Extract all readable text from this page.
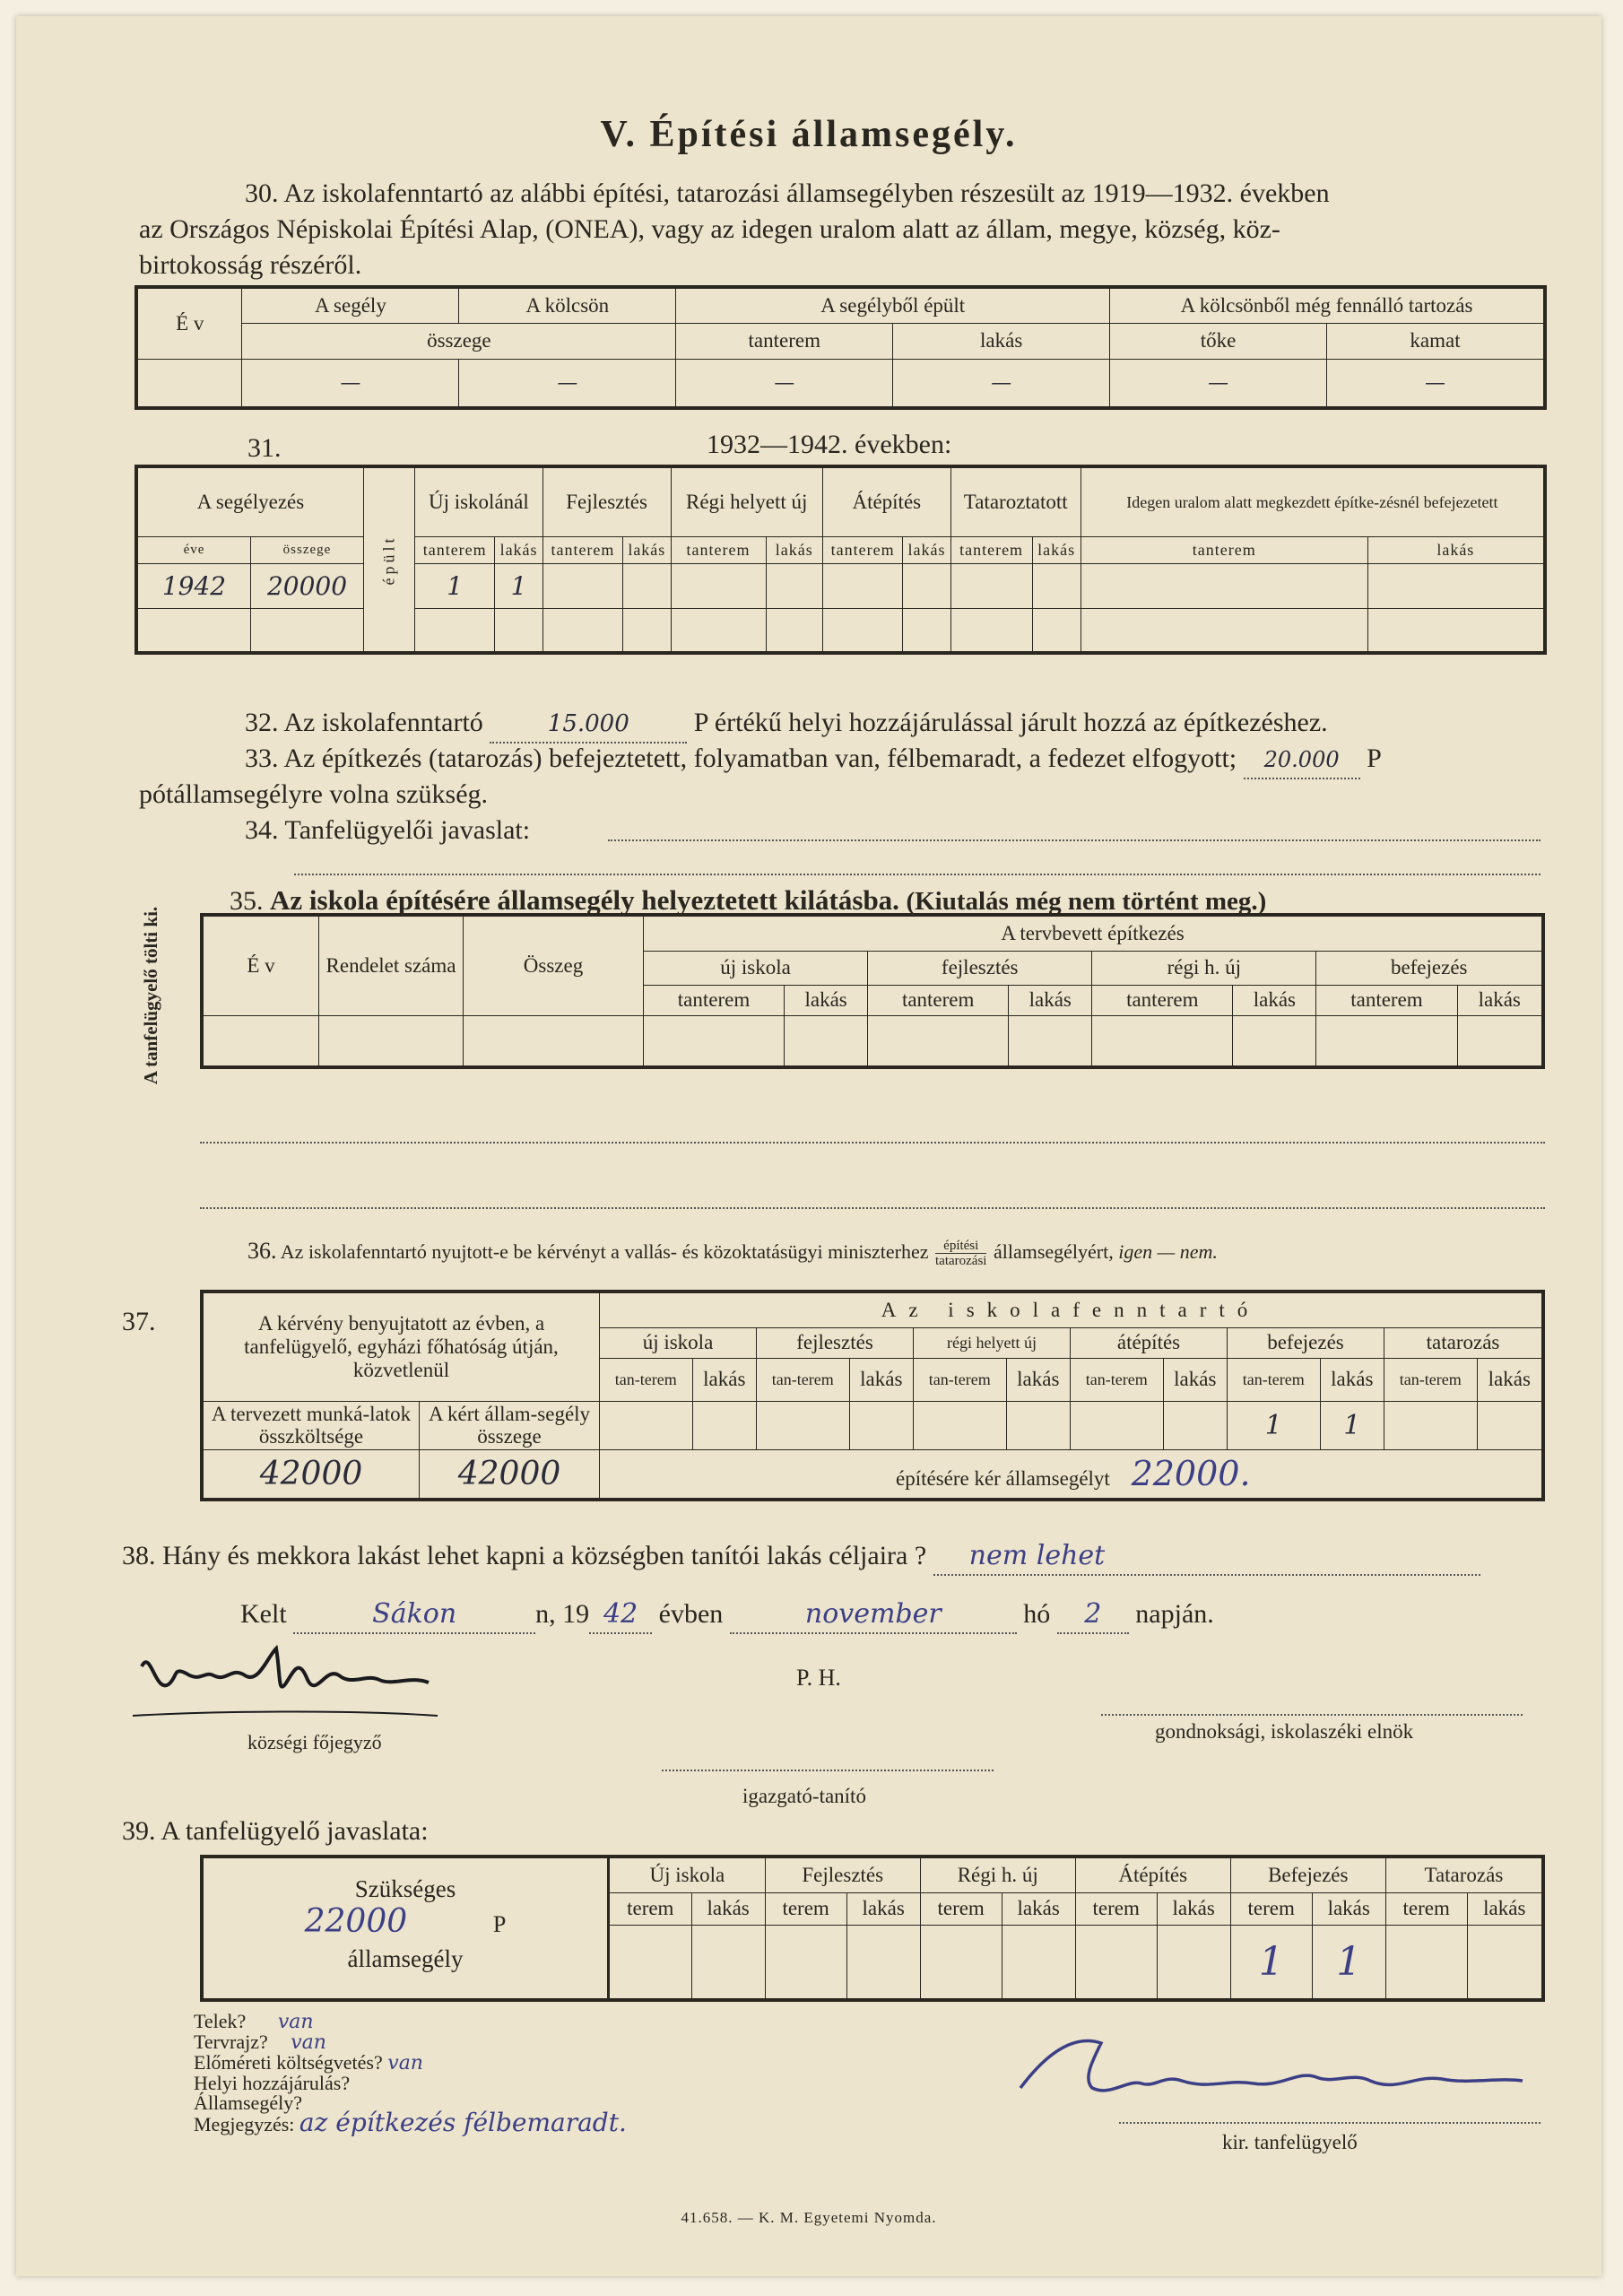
V. Építési államsegély.
30. Az iskolafenntartó az alábbi építési, tatarozási államsegélyben részesült az 1919—1932. években
az Országos Népiskolai Építési Alap, (ONEA), vagy az idegen uralom alatt az állam, megye, község, köz-
birtokosság részéről.
É v	A segély	A kölcsön	A segélyből épült		A kölcsönből még fennálló tartozás	
	összege		tanterem	lakás	tőke	kamat
	—	—	—	—	—	—
31.	1932—1942. években:
A segélyezés		épült	Új iskolánál		Fejlesztés		Régi helyett új		Átépítés		Tataroztatott		Idegen uralom alatt megkezdett építke-zésnél befejezetett	
éve	összege		tanterem	lakás	tanterem	lakás	tanterem	lakás	tanterem	lakás	tanterem	lakás	tanterem	lakás
1942	20000		1	1										

32. Az iskolafenntartó	15.000 P értékű helyi hozzájárulással járult hozzá az építkezéshez.
33. Az építkezés (tatarozás) befejeztetett, folyamatban van, félbemaradt, a fedezet elfogyott; 20.000 P
pótállamsegélyre volna szükség.
34. Tanfelügyelői javaslat:
35. Az iskola építésére államsegély helyeztetett kilátásba. (Kiutalás még nem történt meg.)
A tanfelügyelő tölti ki.	É v	Rendelet száma	Összeg	A tervbevett építkezés							
			új iskola		fejlesztés		régi h. új		befejezés	
			tanterem	lakás	tanterem	lakás	tanterem	lakás	tanterem	lakás

36. Az iskolafenntartó nyujtott-e be kérvényt a vallás- és közoktatásügyi miniszterhez	építési
tatarozási államsegélyért, igen — nem.
37.	A kérvény benyujtatott az évben, a tanfelügyelő, egyházi főhatóság útján, közvetlenül		Az iskolafenntartó											
		új iskola		fejlesztés		régi helyett új		átépítés		befejezés		tatarozás	
		tan-terem	lakás	tan-terem	lakás	tan-terem	lakás	tan-terem	lakás	tan-terem	lakás	tan-terem	lakás
A tervezett munká-latok összköltsége	A kért állam-segély összege									1	1		
42000	42000	építésére kér államsegélyt 22000.											
38. Hány és mekkora lakást lehet kapni a községben tanítói lakás céljaira ? nem lehet
Kelt	Sákon	n, 19 42 évben	november	hó 2 napján.
községi főjegyző
P. H.
gondnoksági, iskolaszéki elnök
igazgató-tanító
39. A tanfelügyelő javaslata:
Szükséges
22000 P
államsegély	Új iskola		Fejlesztés		Régi h. új		Átépítés		Befejezés		Tatarozás	
	terem	lakás	terem	lakás	terem	lakás	terem	lakás	terem	lakás	terem	lakás
									1	1		
Telek? van
Tervrajz? van
Előméreti költségvetés? van
Helyi hozzájárulás?
Államsegély?
Megjegyzés: az építkezés félbemaradt.
kir. tanfelügyelő
41.658. — K. M. Egyetemi Nyomda.
